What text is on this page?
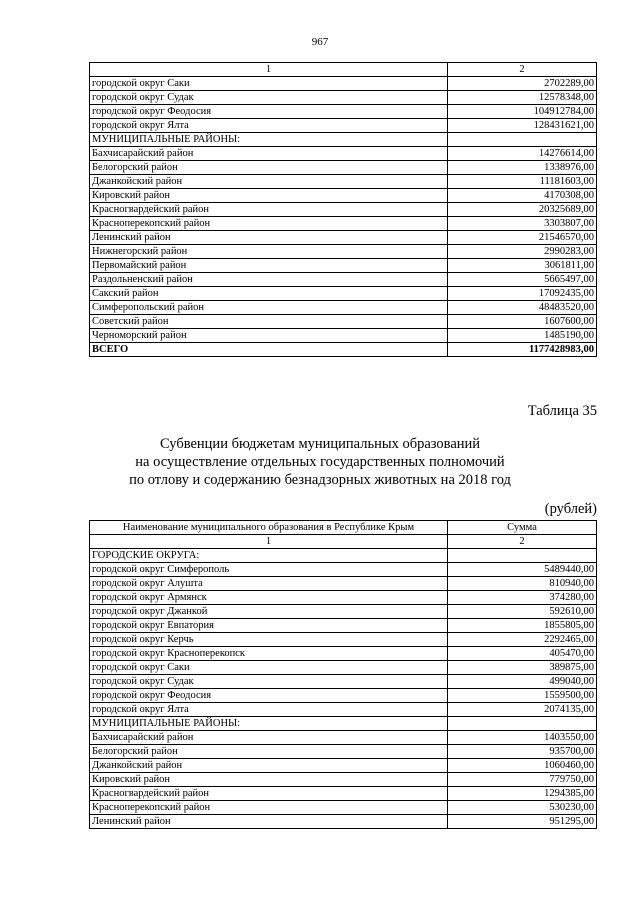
967
1	2
городской округ Саки	2702289,00
городской округ Судак	12578348,00
городской округ Феодосия	104912784,00
городской округ Ялта	128431621,00
МУНИЦИПАЛЬНЫЕ РАЙОНЫ:	
Бахчисарайский район	14276614,00
Белогорский район	1338976,00
Джанкойский район	11181603,00
Кировский район	4170308,00
Красногвардейский район	20325689,00
Красноперекопский район	3303807,00
Ленинский район	21546570,00
Нижнегорский район	2990283,00
Первомайский район	3061811,00
Раздольненский район	5665497,00
Сакский район	17092435,00
Симферопольский район	48483520,00
Советский район	1607600,00
Черноморский район	1485190,00
ВСЕГО	1177428983,00
Таблица 35
Субвенции бюджетам муниципальных образований
на осуществление отдельных государственных полномочий
по отлову и содержанию безнадзорных животных на 2018 год
(рублей)
Наименование муниципального образования в Республике Крым	Сумма
1	2
ГОРОДСКИЕ ОКРУГА:	
городской округ Симферополь	5489440,00
городской округ Алушта	810940,00
городской округ Армянск	374280,00
городской округ Джанкой	592610,00
городской округ Евпатория	1855805,00
городской округ Керчь	2292465,00
городской округ Красноперекопск	405470,00
городской округ Саки	389875,00
городской округ Судак	499040,00
городской округ Феодосия	1559500,00
городской округ Ялта	2074135,00
МУНИЦИПАЛЬНЫЕ РАЙОНЫ:	
Бахчисарайский район	1403550,00
Белогорский район	935700,00
Джанкойский район	1060460,00
Кировский район	779750,00
Красногвардейский район	1294385,00
Красноперекопский район	530230,00
Ленинский район	951295,00
